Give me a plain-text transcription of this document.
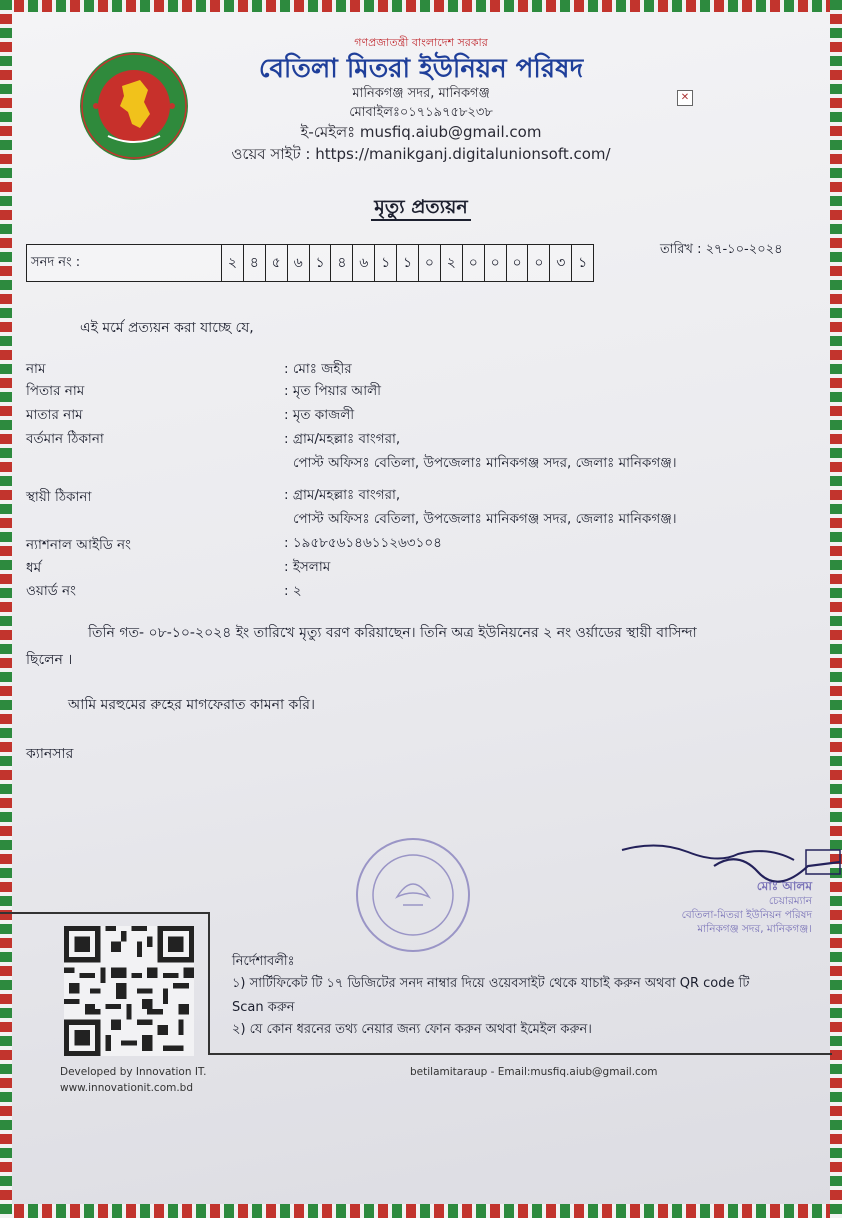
গণপ্রজাতন্ত্রী বাংলাদেশ সরকার
বেতিলা মিতরা ইউনিয়ন পরিষদ
মানিকগঞ্জ সদর, মানিকগঞ্জ
মোবাইলঃ০১৭১৯৭৫৮২৩৮
ই-মেইলঃ musfiq.aiub@gmail.com
ওয়েব সাইট : https://manikganj.digitalunionsoft.com/
✕
মৃত্যু প্রত্যয়ন
সনদ নং :	২ ৪ ৫ ৬ ১ ৪ ৬ ১ ১ ০ ২ ০ ০ ০ ০ ৩ ১
তারিখ : ২৭-১০-২০২৪
এই মর্মে প্রত্যয়ন করা যাচ্ছে যে,
নাম	: মোঃ জহীর
পিতার নাম	: মৃত পিয়ার আলী
মাতার নাম	: মৃত কাজলী
বর্তমান ঠিকানা	: গ্রাম/মহল্লাঃ বাংগরা,
পোস্ট অফিসঃ বেতিলা, উপজেলাঃ মানিকগঞ্জ সদর, জেলাঃ মানিকগঞ্জ।
স্থায়ী ঠিকানা	: গ্রাম/মহল্লাঃ বাংগরা,
পোস্ট অফিসঃ বেতিলা, উপজেলাঃ মানিকগঞ্জ সদর, জেলাঃ মানিকগঞ্জ।
ন্যাশনাল আইডি নং	: ১৯৫৮৫৬১৪৬১১২৬৩১০৪
ধর্ম	: ইসলাম
ওয়ার্ড নং	: ২
তিনি গত- ০৮-১০-২০২৪ ইং তারিখে মৃত্যু বরণ করিয়াছেন। তিনি অত্র ইউনিয়নের ২ নং ওর্য়াডের স্থায়ী বাসিন্দা
ছিলেন ।
আমি মরহুমের রুহের মাগফেরাত কামনা করি।
ক্যানসার
মোঃ আলম
চেয়ারম্যান
বেতিলা-মিতরা ইউনিয়ন পরিষদ
মানিকগঞ্জ সদর, মানিকগঞ্জ।
নির্দেশাবলীঃ
১) সার্টিফিকেট টি ১৭ ডিজিটের সনদ নাম্বার দিয়ে ওয়েবসাইট থেকে যাচাই করুন অথবা QR code টি
Scan করুন
২) যে কোন ধরনের তথ্য নেয়ার জন্য ফোন করুন অথবা ইমেইল করুন।
Developed by Innovation IT.
www.innovationit.com.bd
betilamitaraup - Email:musfiq.aiub@gmail.com
